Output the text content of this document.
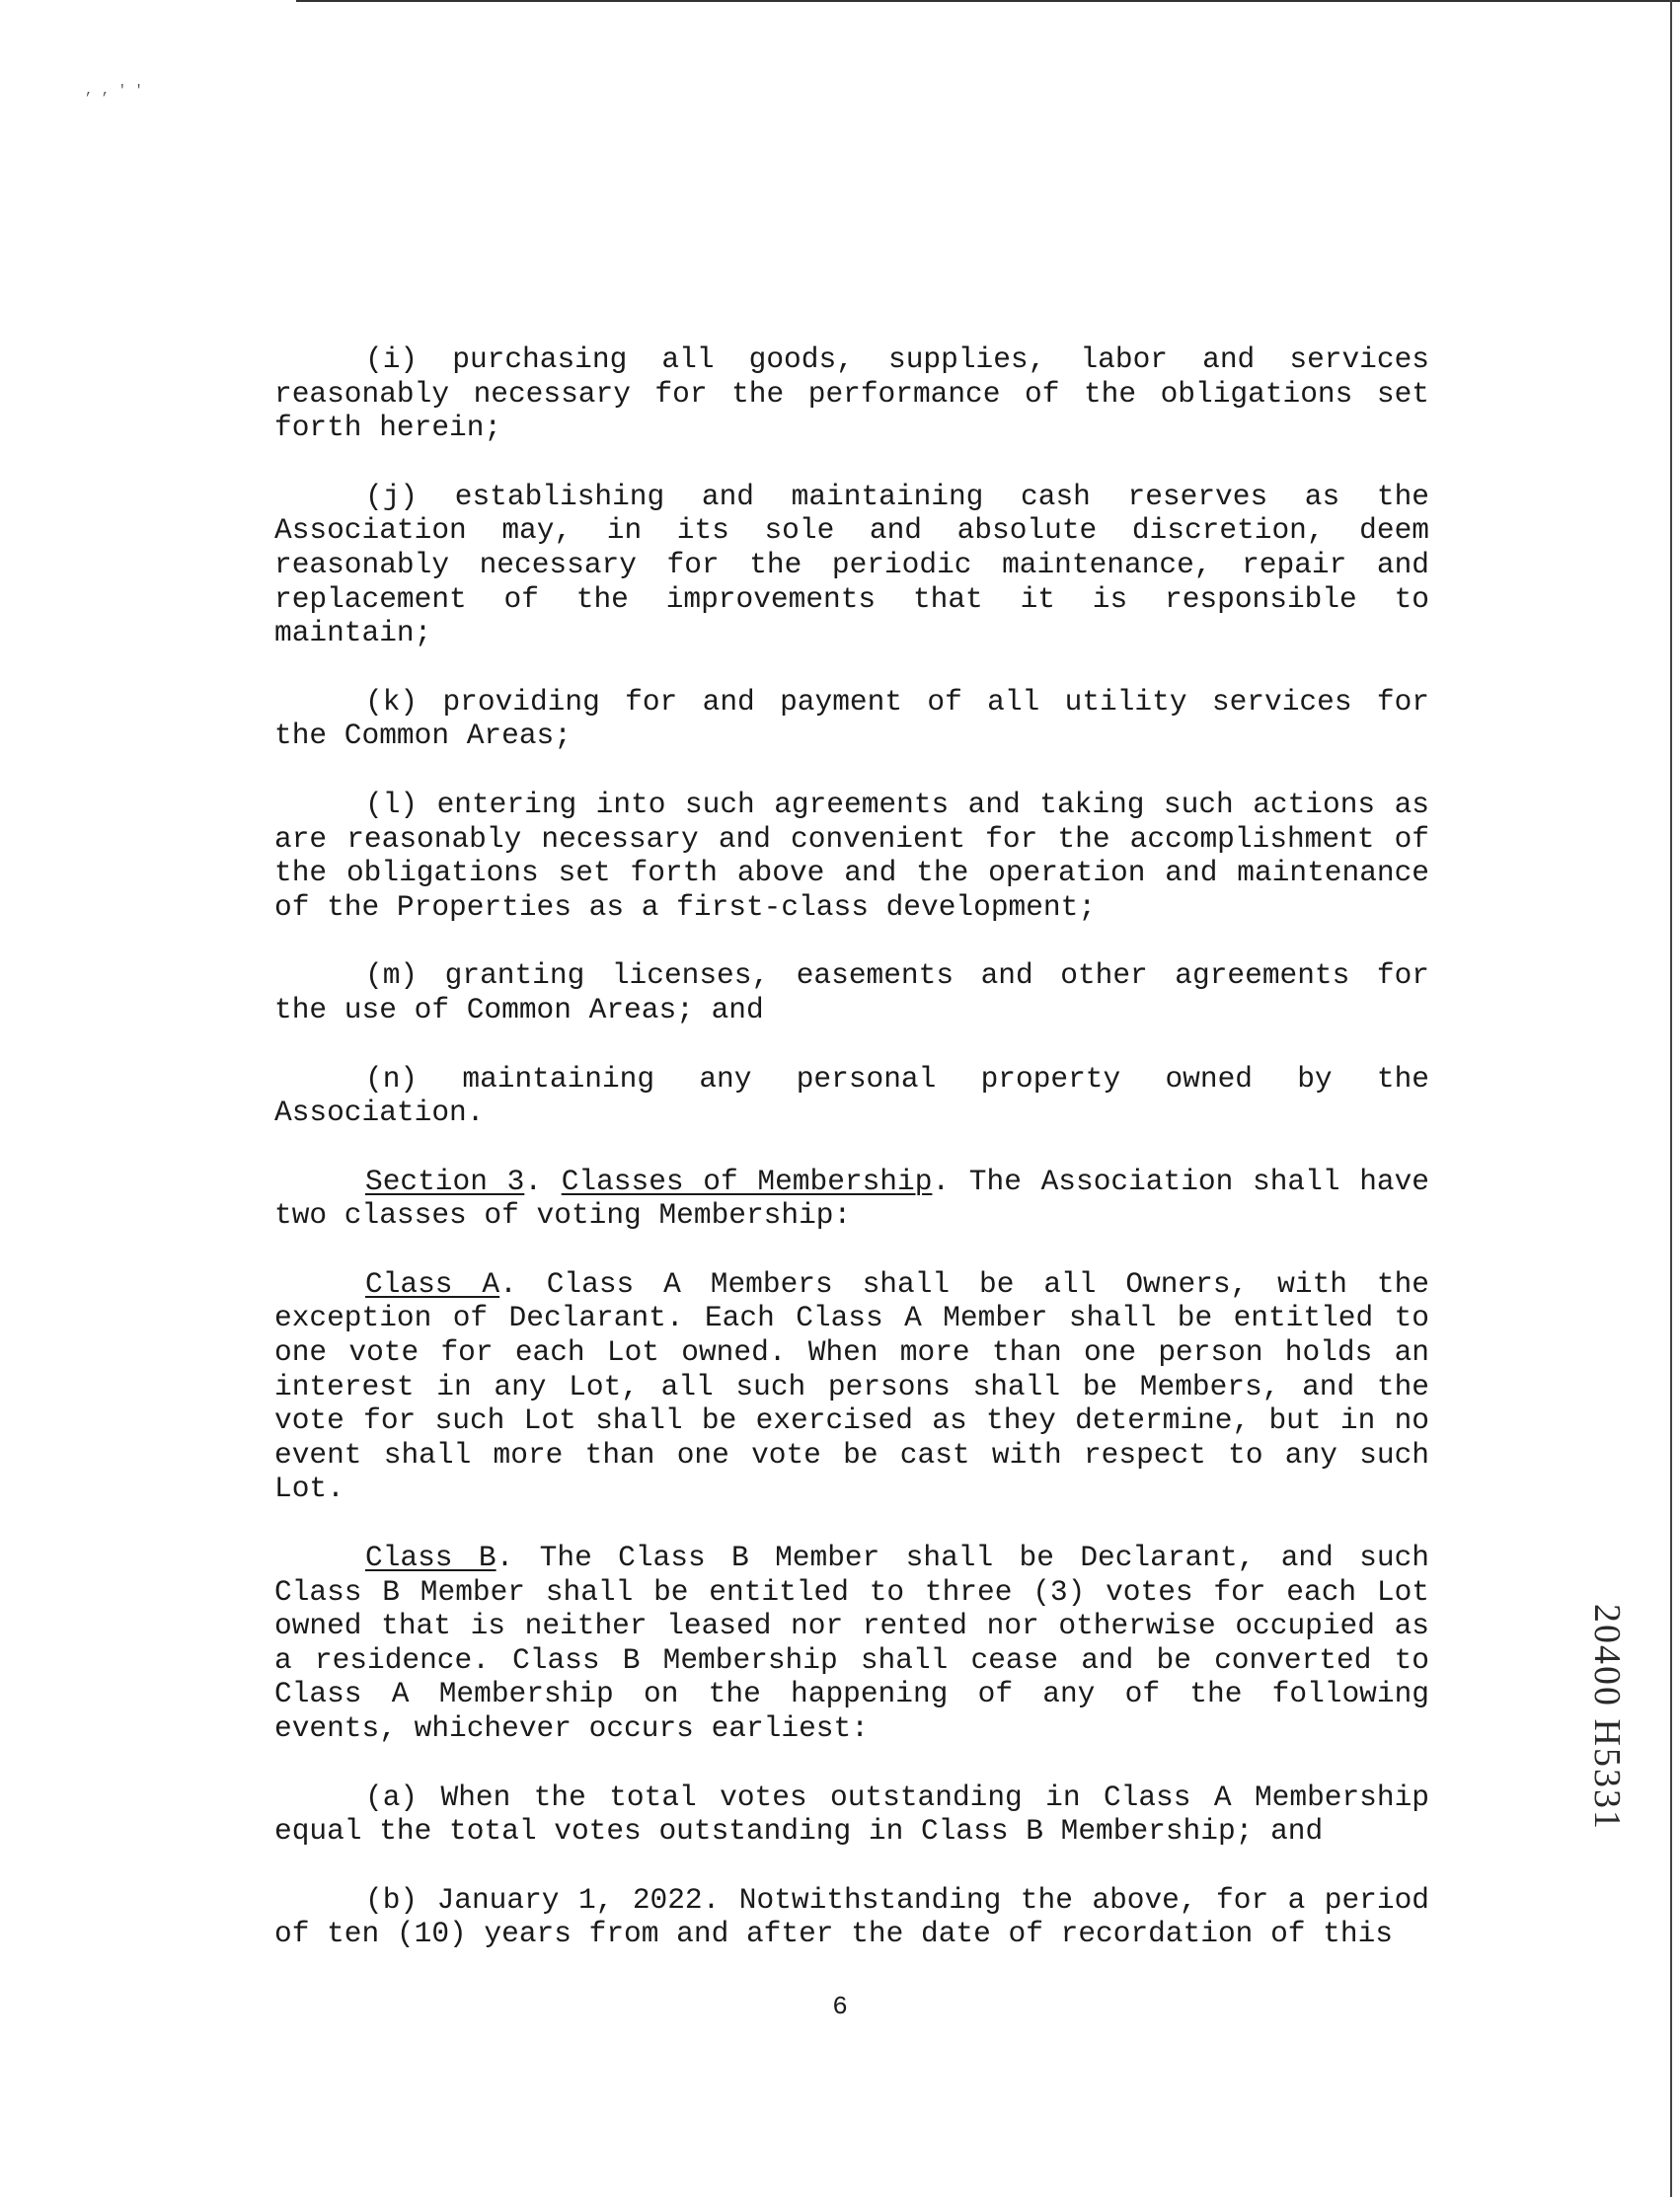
, , ' '

(i) purchasing all goods, supplies, labor and services reasonably necessary for the performance of the obligations set forth herein;

(j) establishing and maintaining cash reserves as the Association may, in its sole and absolute discretion, deem reasonably necessary for the periodic maintenance, repair and replacement of the improvements that it is responsible to maintain;

(k) providing for and payment of all utility services for the Common Areas;

(l) entering into such agreements and taking such actions as are reasonably necessary and convenient for the accomplishment of the obligations set forth above and the operation and maintenance of the Properties as a first-class development;

(m) granting licenses, easements and other agreements for the use of Common Areas; and

(n) maintaining any personal property owned by the Association.

Section 3. Classes of Membership. The Association shall have two classes of voting Membership:

Class A. Class A Members shall be all Owners, with the exception of Declarant. Each Class A Member shall be entitled to one vote for each Lot owned. When more than one person holds an interest in any Lot, all such persons shall be Members, and the vote for such Lot shall be exercised as they determine, but in no event shall more than one vote be cast with respect to any such Lot.

Class B. The Class B Member shall be Declarant, and such Class B Member shall be entitled to three (3) votes for each Lot owned that is neither leased nor rented nor otherwise occupied as a residence. Class B Membership shall cease and be converted to Class A Membership on the happening of any of the following events, whichever occurs earliest:

(a) When the total votes outstanding in Class A Membership equal the total votes outstanding in Class B Membership; and

(b) January 1, 2022. Notwithstanding the above, for a period of ten (10) years from and after the date of recordation of this

6
20400 H5331
